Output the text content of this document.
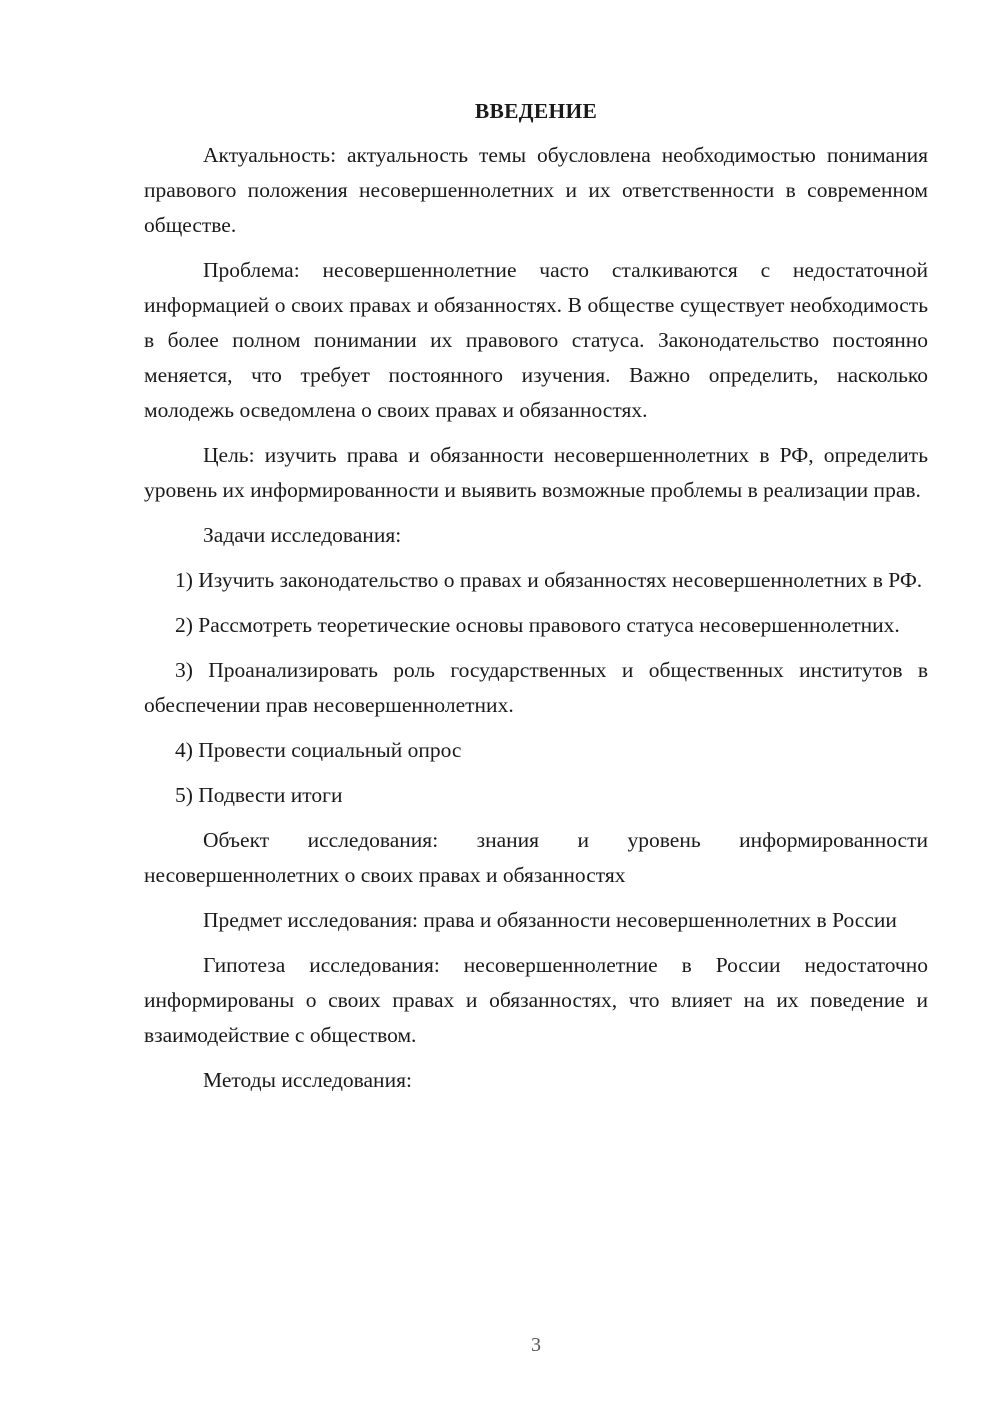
ВВЕДЕНИЕ

Актуальность: актуальность темы обусловлена необходимостью понимания правового положения несовершеннолетних и их ответственности в современном обществе.

Проблема: несовершеннолетние часто сталкиваются с недостаточной информацией о своих правах и обязанностях. В обществе существует необходимость в более полном понимании их правового статуса. Законодательство постоянно меняется, что требует постоянного изучения. Важно определить, насколько молодежь осведомлена о своих правах и обязанностях.

Цель: изучить права и обязанности несовершеннолетних в РФ, определить уровень их информированности и выявить возможные проблемы в реализации прав.

Задачи исследования:

1) Изучить законодательство о правах и обязанностях несовершеннолетних в РФ.

2) Рассмотреть теоретические основы правового статуса несовершеннолетних.

3) Проанализировать роль государственных и общественных институтов в обеспечении прав несовершеннолетних.

4) Провести социальный опрос

5) Подвести итоги

Объект исследования: знания и уровень информированности несовершеннолетних о своих правах и обязанностях

Предмет исследования: права и обязанности несовершеннолетних в России

Гипотеза исследования: несовершеннолетние в России недостаточно информированы о своих правах и обязанностях, что влияет на их поведение и взаимодействие с обществом.

Методы исследования:

3
